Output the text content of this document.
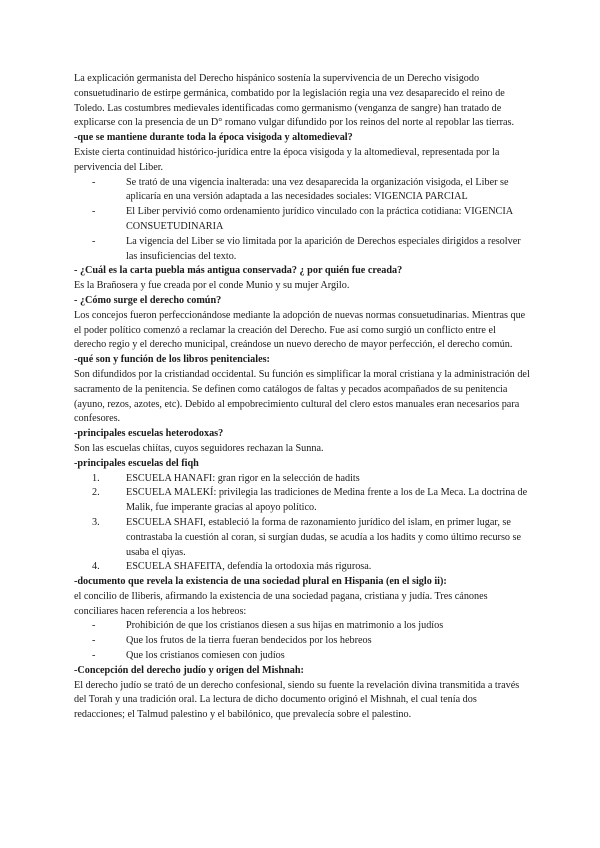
La explicación germanista del Derecho hispánico sostenía la supervivencia de un Derecho visigodo consuetudinario de estirpe germánica, combatido por la legislación regia una vez desaparecido el reino de Toledo. Las costumbres medievales identificadas como germanismo (venganza de sangre) han tratado de explicarse con la presencia de un D° romano vulgar difundido por los reinos del norte al repoblar las tierras.

-que se mantiene durante toda la época visigoda y altomedieval?

Existe cierta continuidad histórico-jurídica entre la época visigoda y la altomedieval, representada por la pervivencia del Liber.

- Se trató de una vigencia inalterada: una vez desaparecida la organización visigoda, el Liber se aplicaría en una versión adaptada a las necesidades sociales: VIGENCIA PARCIAL
- El Liber pervivió como ordenamiento jurídico vinculado con la práctica cotidiana: VIGENCIA CONSUETUDINARIA
- La vigencia del Liber se vio limitada por la aparición de Derechos especiales dirigidos a resolver las insuficiencias del texto.

- ¿Cuál es la carta puebla más antigua conservada? ¿ por quién fue creada?

Es la Brañosera y fue creada por el conde Munio y su mujer Argilo.

- ¿Cómo surge el derecho común?

Los concejos fueron perfeccionándose mediante la adopción de nuevas normas consuetudinarias. Mientras que el poder político comenzó a reclamar la creación del Derecho. Fue así como surgió un conflicto entre el derecho regio y el derecho municipal, creándose un nuevo derecho de mayor perfección, el derecho común.

-qué son y función de los libros penitenciales:

Son difundidos por la cristiandad occidental. Su función es simplificar la moral cristiana y la administración del sacramento de la penitencia. Se definen como catálogos de faltas y pecados acompañados de su penitencia (ayuno, rezos, azotes, etc). Debido al empobrecimiento cultural del clero estos manuales eran necesarios para confesores.

-principales escuelas heterodoxas?

Son las escuelas chiítas, cuyos seguidores rechazan la Sunna.

-principales escuelas del fiqh

1.	ESCUELA HANAFI: gran rigor en la selección de hadits
2.	ESCUELA MALEKÍ: privilegia las tradiciones de Medina frente a los de La Meca. La doctrina de Malik, fue imperante gracias al apoyo político.
3.	ESCUELA SHAFI, estableció la forma de razonamiento jurídico del islam, en primer lugar, se contrastaba la cuestión al coran, si surgían dudas, se acudía a los hadits y como último recurso se usaba el qiyas.
4.	ESCUELA SHAFEITA, defendía la ortodoxia más rigurosa.

-documento que revela la existencia de una sociedad plural en Hispania (en el siglo ii):

el concilio de Iliberis, afirmando la existencia de una sociedad pagana, cristiana y judía. Tres cánones conciliares hacen referencia a los hebreos:

- Prohibición de que los cristianos diesen a sus hijas en matrimonio a los judíos
- Que los frutos de la tierra fueran bendecidos por los hebreos
- Que los cristianos comiesen con judíos

-Concepción del derecho judío y origen del Mishnah:

El derecho judío se trató de un derecho confesional, siendo su fuente la revelación divina transmitida a través del Torah y una tradición oral. La lectura de dicho documento originó el Mishnah, el cual tenía dos redacciones; el Talmud palestino y el babilónico, que prevalecía sobre el palestino.
